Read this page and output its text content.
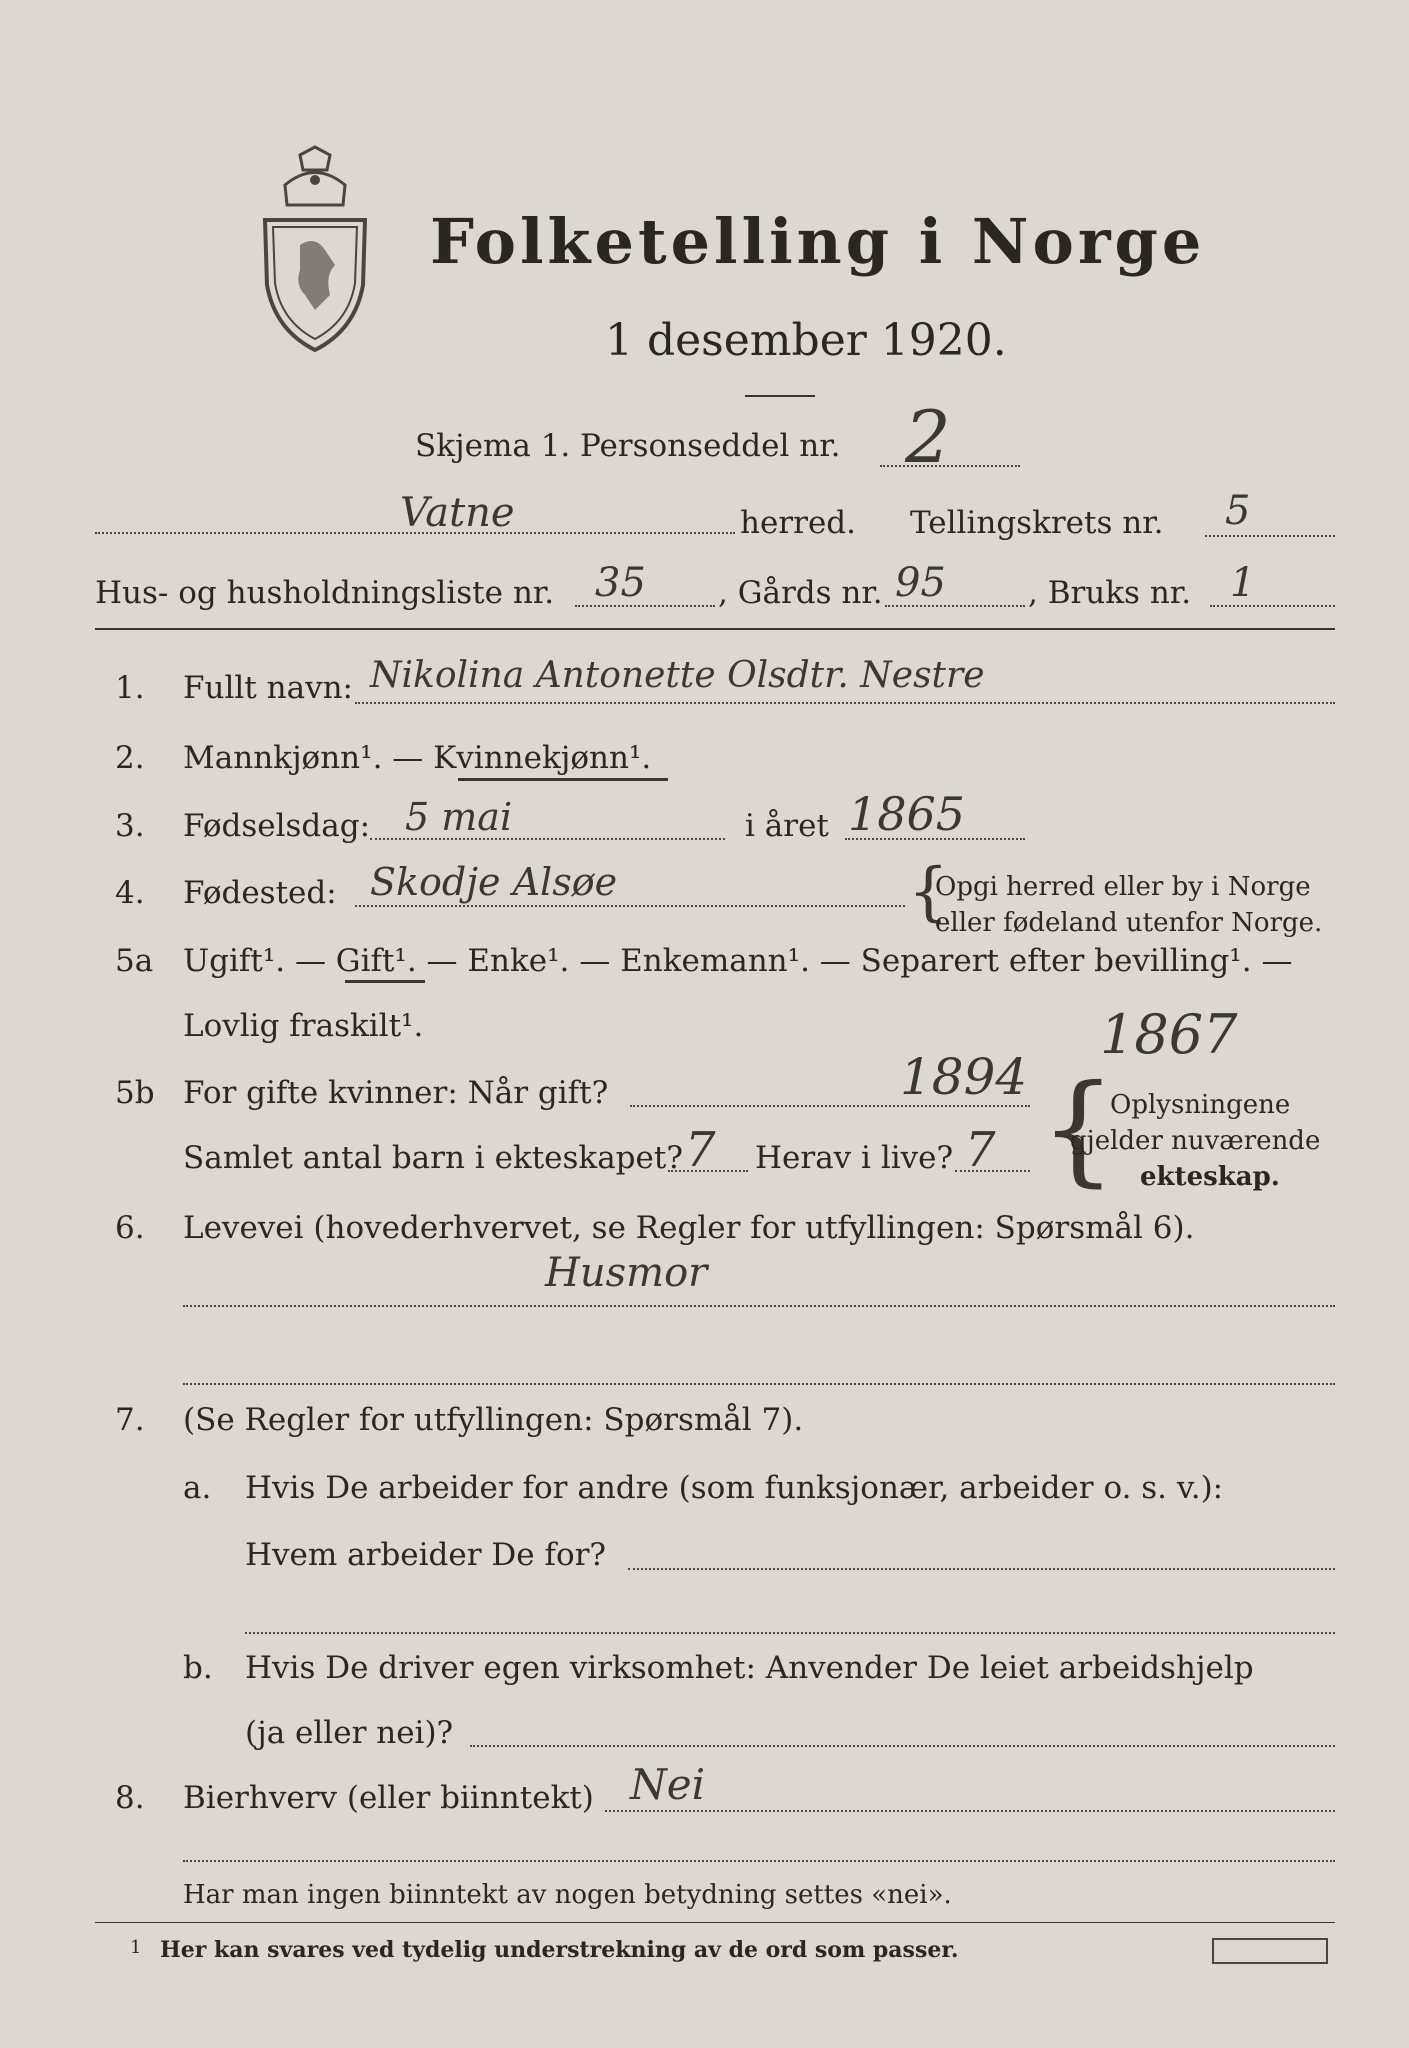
Folketelling i Norge
1 desember 1920.
Skjema 1. Personseddel nr. 2
Vatne	herred. Tellingskrets nr. 5
Hus- og husholdningsliste nr. 35 , Gårds nr. 95	, Bruks nr. 1
1. Fullt navn: Nikolina Antonette Olsdtr. Nestre
2. Mannkjønn¹. — Kvinnekjønn¹.
3. Fødselsdag: 5 mai	i året 1865
4. Fødested: Skodje Alsøe	{
Opgi herred eller by i Norge
eller fødeland utenfor Norge.
5a Ugift¹. — Gift¹. — Enke¹. — Enkemann¹. — Separert efter bevilling¹. —
Lovlig fraskilt¹.
5b For gifte kvinner: Når gift?	1894
1867
Samlet antal barn i ekteskapet? 7 Herav i live? 7 {
Oplysningene
gjelder nuværende
ekteskap.
6. Levevei (hovederhvervet, se Regler for utfyllingen: Spørsmål 6).
Husmor
7. (Se Regler for utfyllingen: Spørsmål 7).
a. Hvis De arbeider for andre (som funksjonær, arbeider o. s. v.):
Hvem arbeider De for?
b. Hvis De driver egen virksomhet: Anvender De leiet arbeidshjelp
(ja eller nei)?
8. Bierhverv (eller biinntekt) Nei
Har man ingen biinntekt av nogen betydning settes «nei».
1 Her kan svares ved tydelig understrekning av de ord som passer.
